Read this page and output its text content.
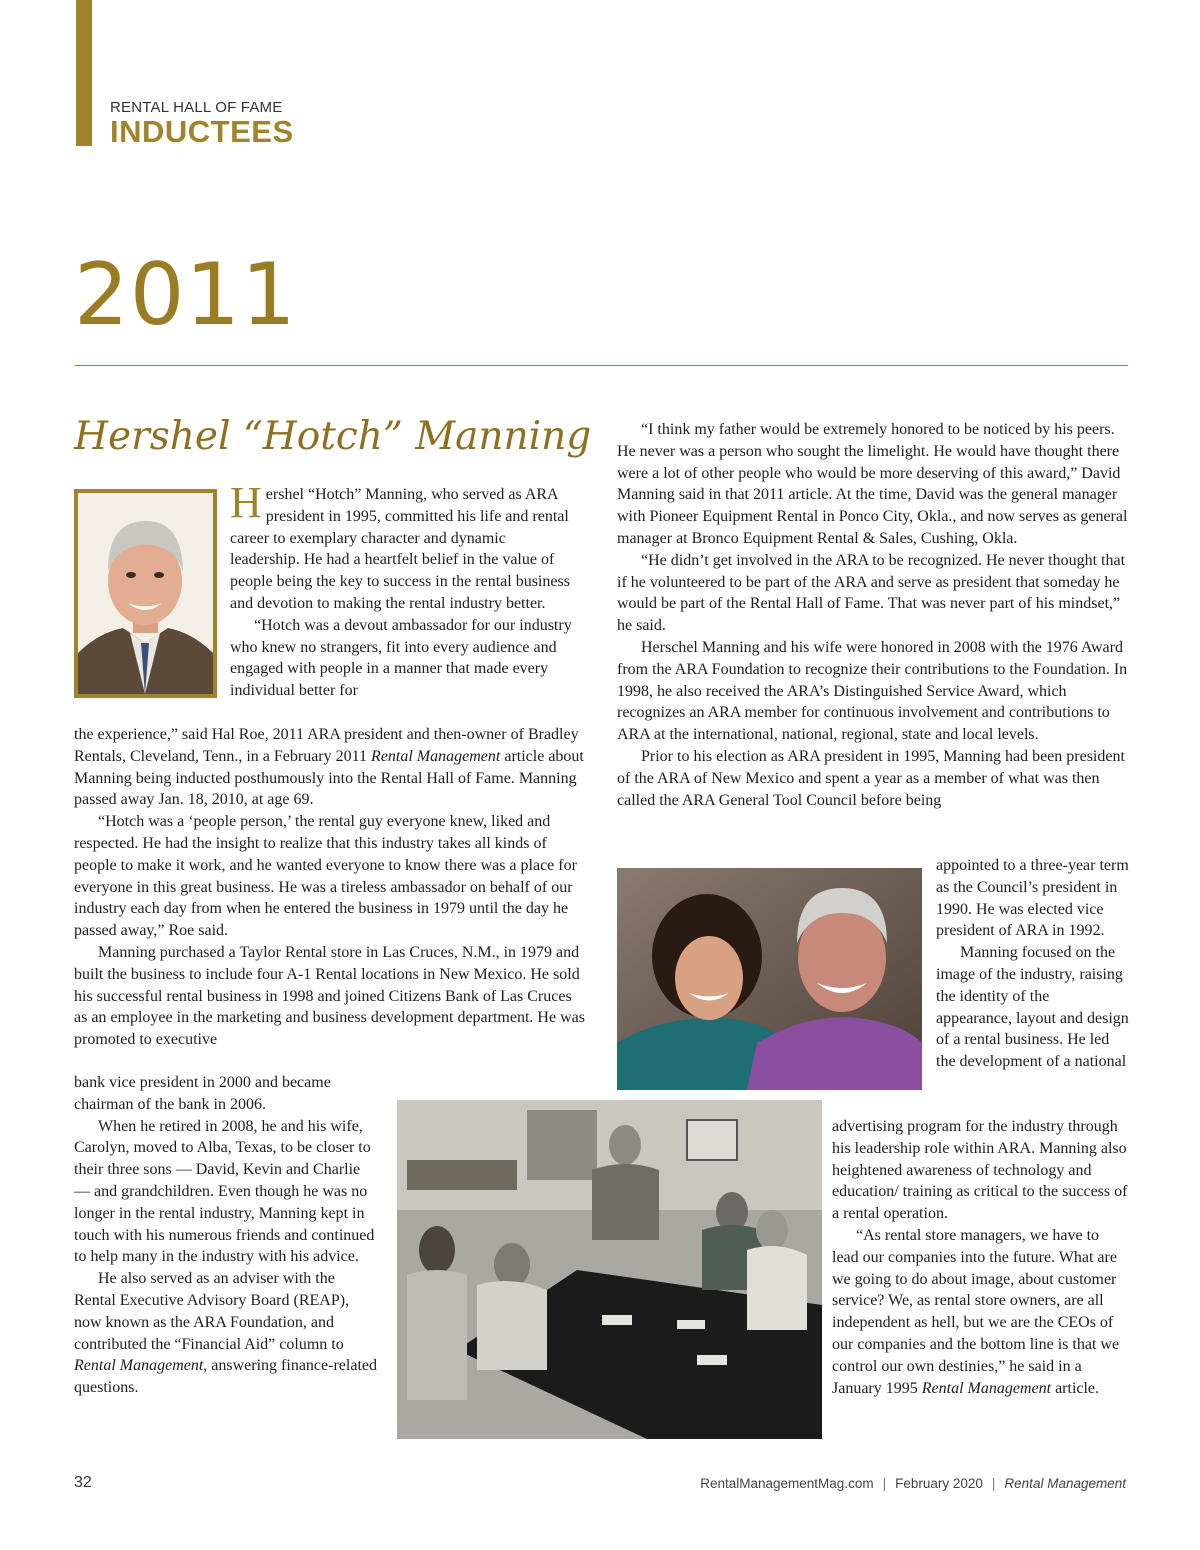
RENTAL HALL OF FAME
INDUCTEES
2011
Hershel “Hotch” Manning

Hershel “Hotch” Manning, who served as ARA president in 1995, committed his life and rental career to exemplary character and dynamic leadership. He had a heartfelt belief in the value of people being the key to success in the rental business and devotion to making the rental industry better.

“Hotch was a devout ambassador for our industry who knew no strangers, fit into every audience and engaged with people in a manner that made every individual better for

the experience,” said Hal Roe, 2011 ARA president and then-owner of Bradley Rentals, Cleveland, Tenn., in a February 2011 Rental Management article about Manning being inducted posthumously into the Rental Hall of Fame. Manning passed away Jan. 18, 2010, at age 69.

“Hotch was a ‘people person,’ the rental guy everyone knew, liked and respected. He had the insight to realize that this industry takes all kinds of people to make it work, and he wanted everyone to know there was a place for everyone in this great business. He was a tireless ambassador on behalf of our industry each day from when he entered the business in 1979 until the day he passed away,” Roe said.

Manning purchased a Taylor Rental store in Las Cruces, N.M., in 1979 and built the business to include four A-1 Rental locations in New Mexico. He sold his successful rental business in 1998 and joined Citizens Bank of Las Cruces as an employee in the marketing and business development department. He was promoted to executive

bank vice president in 2000 and became chairman of the bank in 2006.

When he retired in 2008, he and his wife, Carolyn, moved to Alba, Texas, to be closer to their three sons — David, Kevin and Charlie — and grandchildren. Even though he was no longer in the rental industry, Manning kept in touch with his numerous friends and continued to help many in the industry with his advice.

He also served as an adviser with the Rental Executive Advisory Board (REAP), now known as the ARA Foundation, and contributed the “Financial Aid” column to Rental Management, answering finance-related questions.

“I think my father would be extremely honored to be noticed by his peers. He never was a person who sought the limelight. He would have thought there were a lot of other people who would be more deserving of this award,” David Manning said in that 2011 article. At the time, David was the general manager with Pioneer Equipment Rental in Ponco City, Okla., and now serves as general manager at Bronco Equipment Rental & Sales, Cushing, Okla.

“He didn’t get involved in the ARA to be recognized. He never thought that if he volunteered to be part of the ARA and serve as president that someday he would be part of the Rental Hall of Fame. That was never part of his mindset,” he said.

Herschel Manning and his wife were honored in 2008 with the 1976 Award from the ARA Foundation to recognize their contributions to the Foundation. In 1998, he also received the ARA’s Distinguished Service Award, which recognizes an ARA member for continuous involvement and contributions to ARA at the international, national, regional, state and local levels.

Prior to his election as ARA president in 1995, Manning had been president of the ARA of New Mexico and spent a year as a member of what was then called the ARA General Tool Council before being

appointed to a three-year term as the Council’s president in 1990. He was elected vice president of ARA in 1992.

Manning focused on the image of the industry, raising the identity of the appearance, layout and design of a rental business. He led the development of a national

advertising program for the industry through his leadership role within ARA. Manning also heightened awareness of technology and education/ training as critical to the success of a rental operation.

“As rental store managers, we have to lead our companies into the future. What are we going to do about image, about customer service? We, as rental store owners, are all independent as hell, but we are the CEOs of our companies and the bottom line is that we control our own destinies,” he said in a January 1995 Rental Management article.

32	RentalManagementMag.com | February 2020 | Rental Management
